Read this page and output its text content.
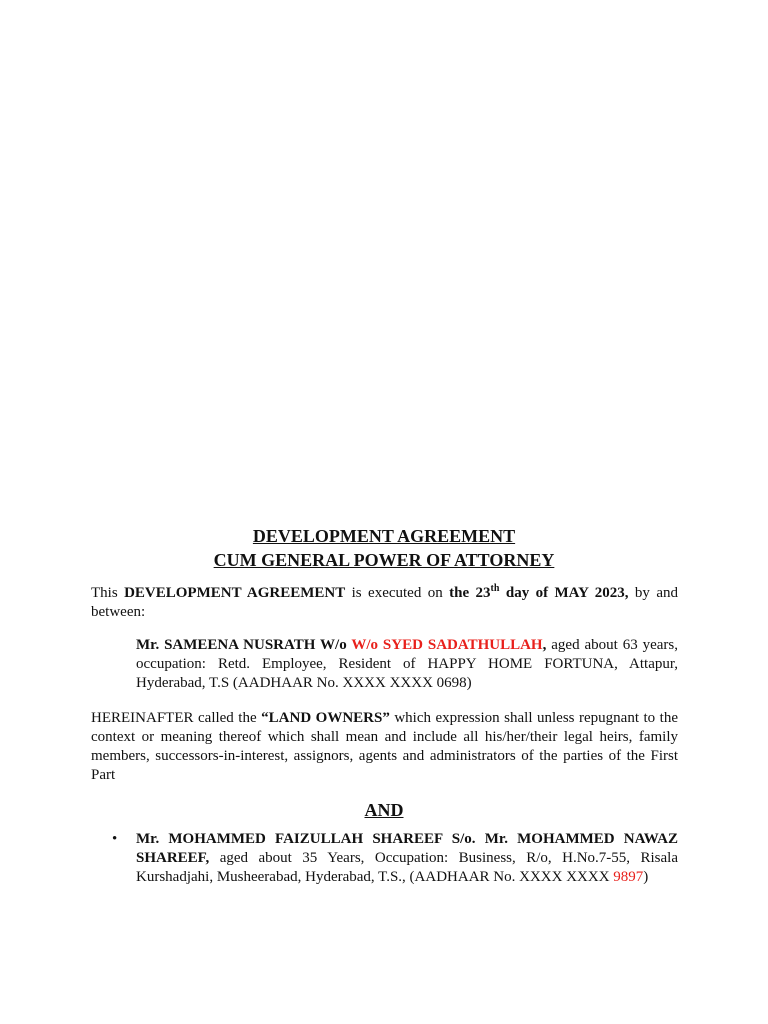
DEVELOPMENT AGREEMENT
CUM GENERAL POWER OF ATTORNEY
This DEVELOPMENT AGREEMENT is executed on the 23th day of MAY 2023, by and between:
Mr. SAMEENA NUSRATH W/o W/o SYED SADATHULLAH, aged about 63 years, occupation: Retd. Employee, Resident of HAPPY HOME FORTUNA, Attapur, Hyderabad, T.S (AADHAAR No. XXXX XXXX 0698)
HEREINAFTER called the “LAND OWNERS” which expression shall unless repugnant to the context or meaning thereof which shall mean and include all his/her/their legal heirs, family members, successors-in-interest, assignors, agents and administrators of the parties of the First Part
AND
• Mr. MOHAMMED FAIZULLAH SHAREEF S/o. Mr. MOHAMMED NAWAZ SHAREEF, aged about 35 Years, Occupation: Business, R/o, H.No.7-55, Risala Kurshadjahi, Musheerabad, Hyderabad, T.S., (AADHAAR No. XXXX XXXX 9897)
